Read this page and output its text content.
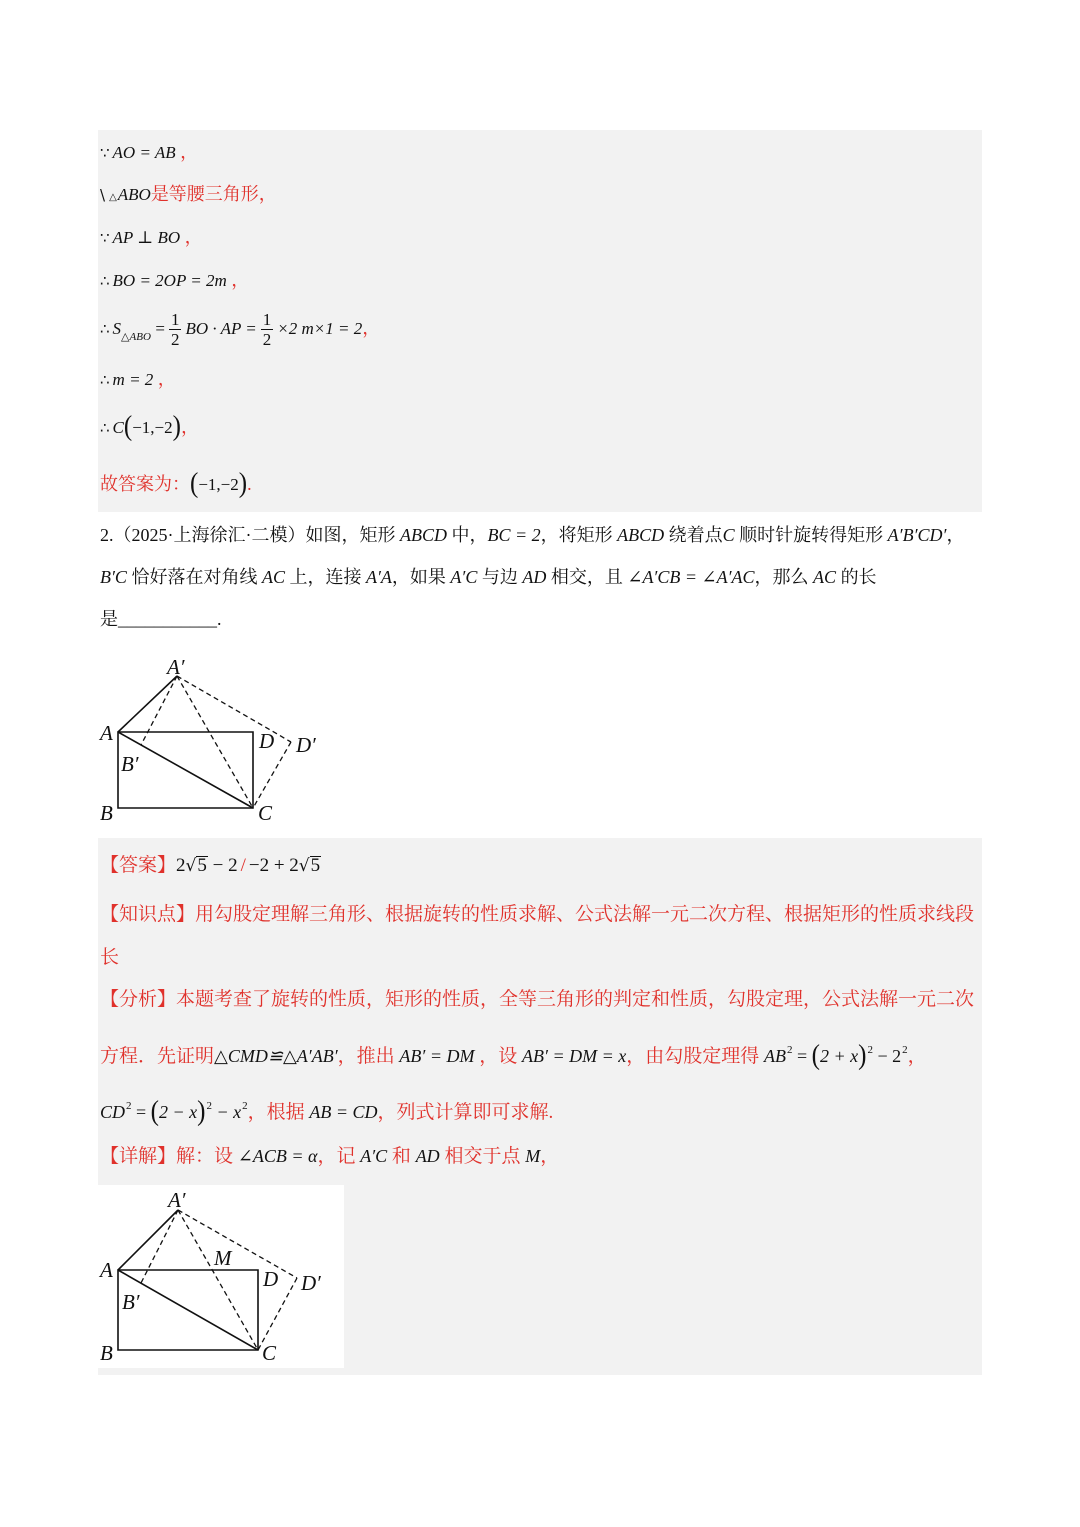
∵ AO = AB ，
\ △ABO是等腰三角形，
∵ AP ⊥ BO ，
∴ BO = 2OP = 2m ，
∴ $S_{\triangle ABO} = \frac{1}{2}$ BO · AP = $\frac{1}{2} \times 2$ m×1 = 2，
∴ m = 2 ，
∴ C(−1,−2)，
故答案为：(−1,−2).
2.（2025·上海徐汇·二模）如图，矩形 ABCD 中，BC = 2，将矩形 ABCD 绕着点C 顺时针旋转得矩形 A′B′CD′，
B′C 恰好落在对角线 AC 上，连接 A′A，如果 A′C 与边 AD 相交，且 ∠A′CB = ∠A′AC，那么 AC 的长
是___________.
A′
A	D D′
B′
B	C
【答案】2√5 − 2 / −2 + 2√5
【知识点】用勾股定理解三角形、根据旋转的性质求解、公式法解一元二次方程、根据矩形的性质求线段
长
【分析】本题考查了旋转的性质，矩形的性质，全等三角形的判定和性质，勾股定理，公式法解一元二次
方程．先证明△CMD≌△A′AB′，推出 AB′ = DM ，设 AB′ = DM = x，由勾股定理得 $AB^2 = (2 + x)^2 - 2^2$，
$CD^2 = (2 - x)^2 - x^2$，根据 AB = CD，列式计算即可求解.
【详解】解：设 ∠ACB = α，记 A′C 和 AD 相交于点 M，
A′
M
A	D D′
B′
B	C
